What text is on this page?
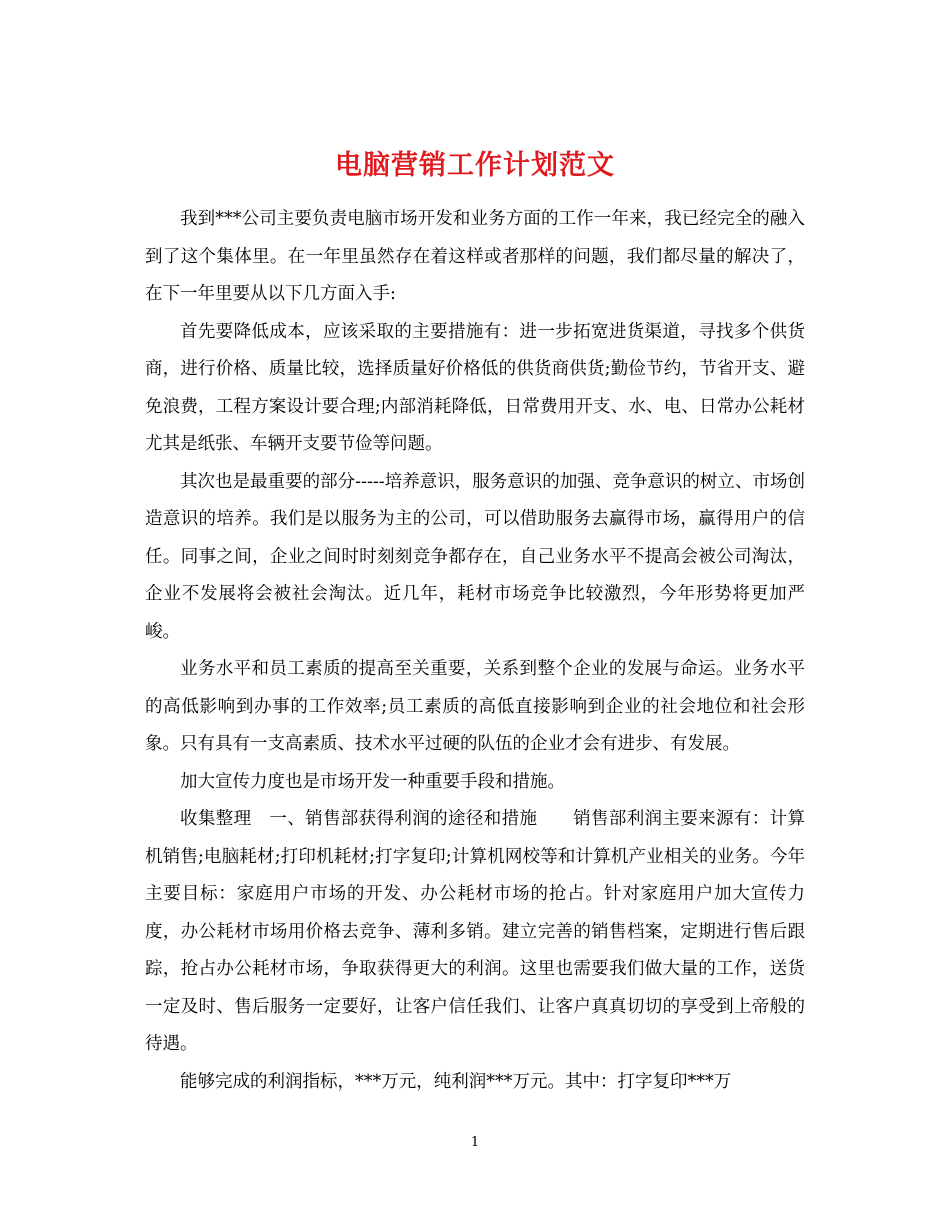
电脑营销工作计划范文

我到***公司主要负责电脑市场开发和业务方面的工作一年来，我已经完全的融入到了这个集体里。在一年里虽然存在着这样或者那样的问题，我们都尽量的解决了，在下一年里要从以下几方面入手:

首先要降低成本，应该采取的主要措施有：进一步拓宽进货渠道，寻找多个供货商，进行价格、质量比较，选择质量好价格低的供货商供货;勤俭节约，节省开支、避免浪费，工程方案设计要合理;内部消耗降低，日常费用开支、水、电、日常办公耗材尤其是纸张、车辆开支要节俭等问题。

其次也是最重要的部分-----培养意识，服务意识的加强、竞争意识的树立、市场创造意识的培养。我们是以服务为主的公司，可以借助服务去赢得市场，赢得用户的信任。同事之间，企业之间时时刻刻竞争都存在，自己业务水平不提高会被公司淘汰，企业不发展将会被社会淘汰。近几年，耗材市场竞争比较激烈，今年形势将更加严峻。

业务水平和员工素质的提高至关重要，关系到整个企业的发展与命运。业务水平的高低影响到办事的工作效率;员工素质的高低直接影响到企业的社会地位和社会形象。只有具有一支高素质、技术水平过硬的队伍的企业才会有进步、有发展。

加大宣传力度也是市场开发一种重要手段和措施。

收集整理　一、销售部获得利润的途径和措施　　销售部利润主要来源有：计算机销售;电脑耗材;打印机耗材;打字复印;计算机网校等和计算机产业相关的业务。今年主要目标：家庭用户市场的开发、办公耗材市场的抢占。针对家庭用户加大宣传力度，办公耗材市场用价格去竞争、薄利多销。建立完善的销售档案，定期进行售后跟踪，抢占办公耗材市场，争取获得更大的利润。这里也需要我们做大量的工作，送货一定及时、售后服务一定要好，让客户信任我们、让客户真真切切的享受到上帝般的待遇。

能够完成的利润指标，***万元，纯利润***万元。其中：打字复印***万

1
